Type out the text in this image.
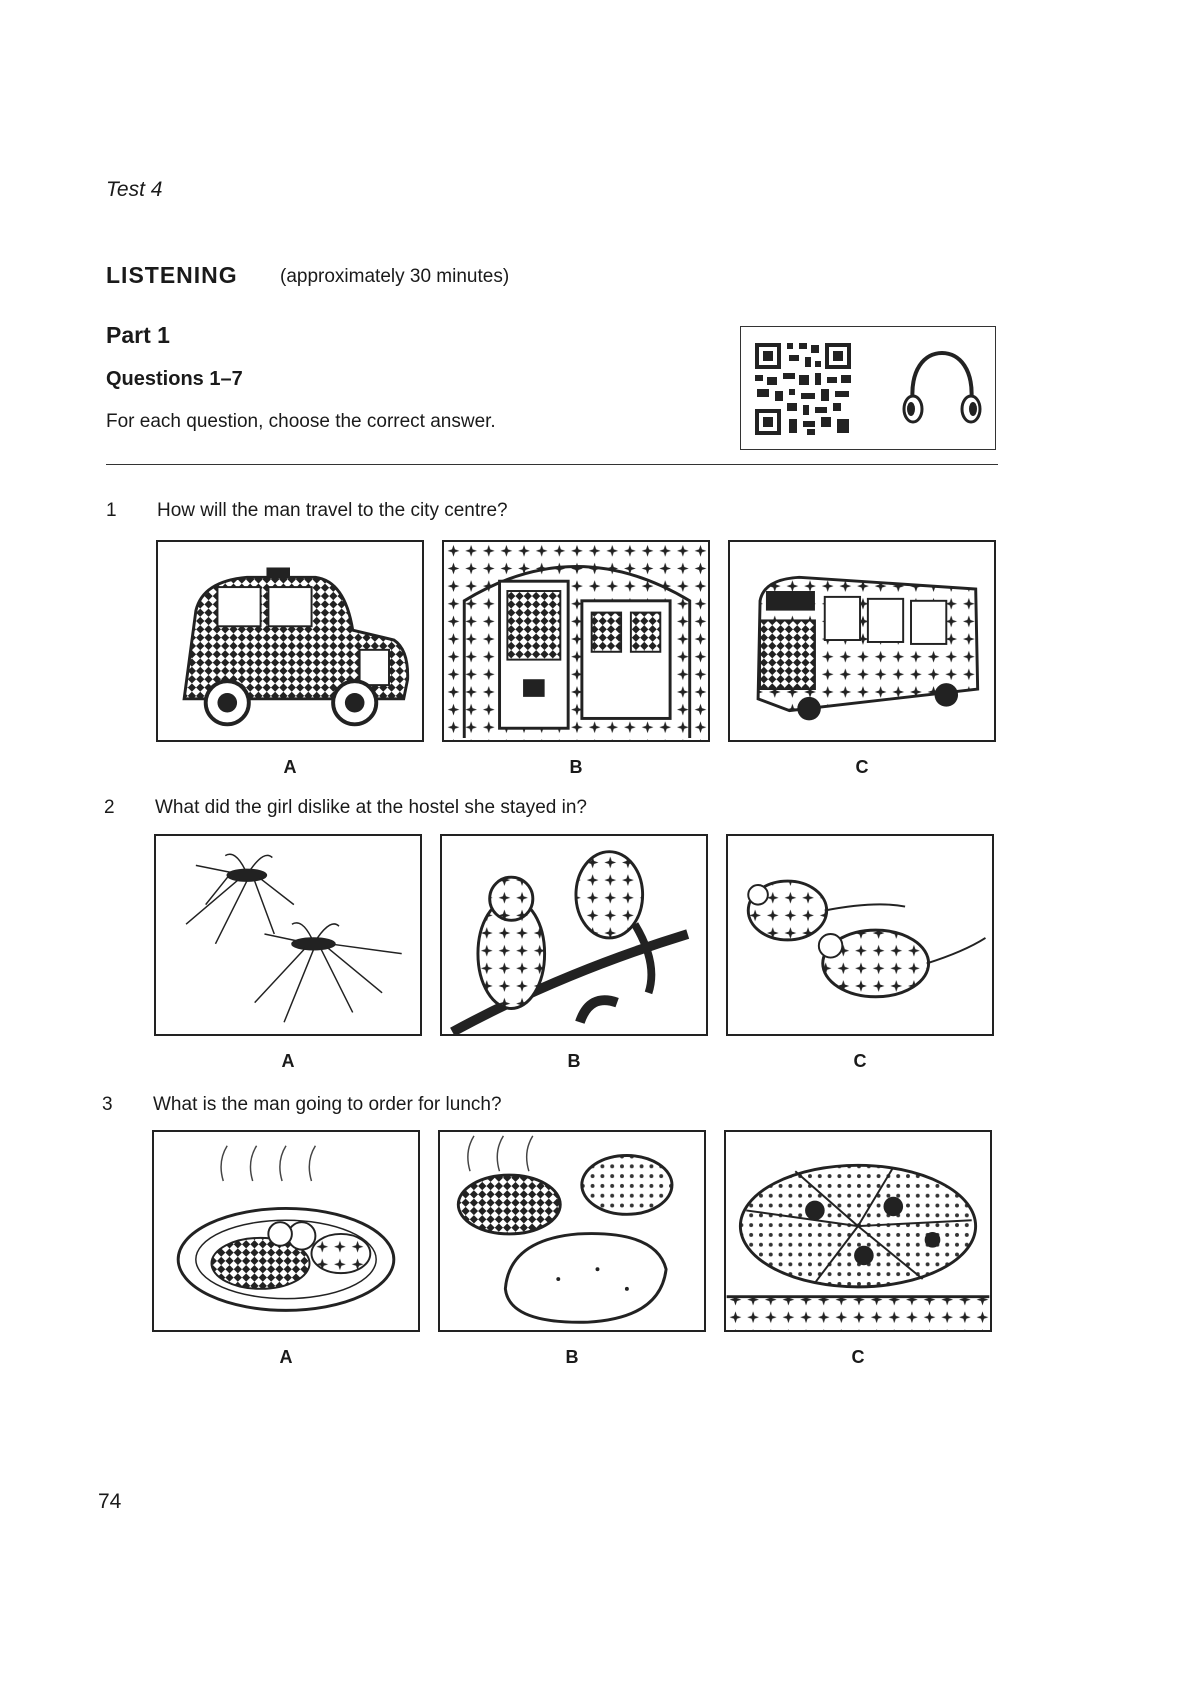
Test 4
LISTENING (approximately 30 minutes)
Part 1
Questions 1–7
For each question, choose the correct answer.
1 How will the man travel to the city centre?
A	B	C
2 What did the girl dislike at the hostel she stayed in?
A	B	C
3 What is the man going to order for lunch?
A	B	C
74
